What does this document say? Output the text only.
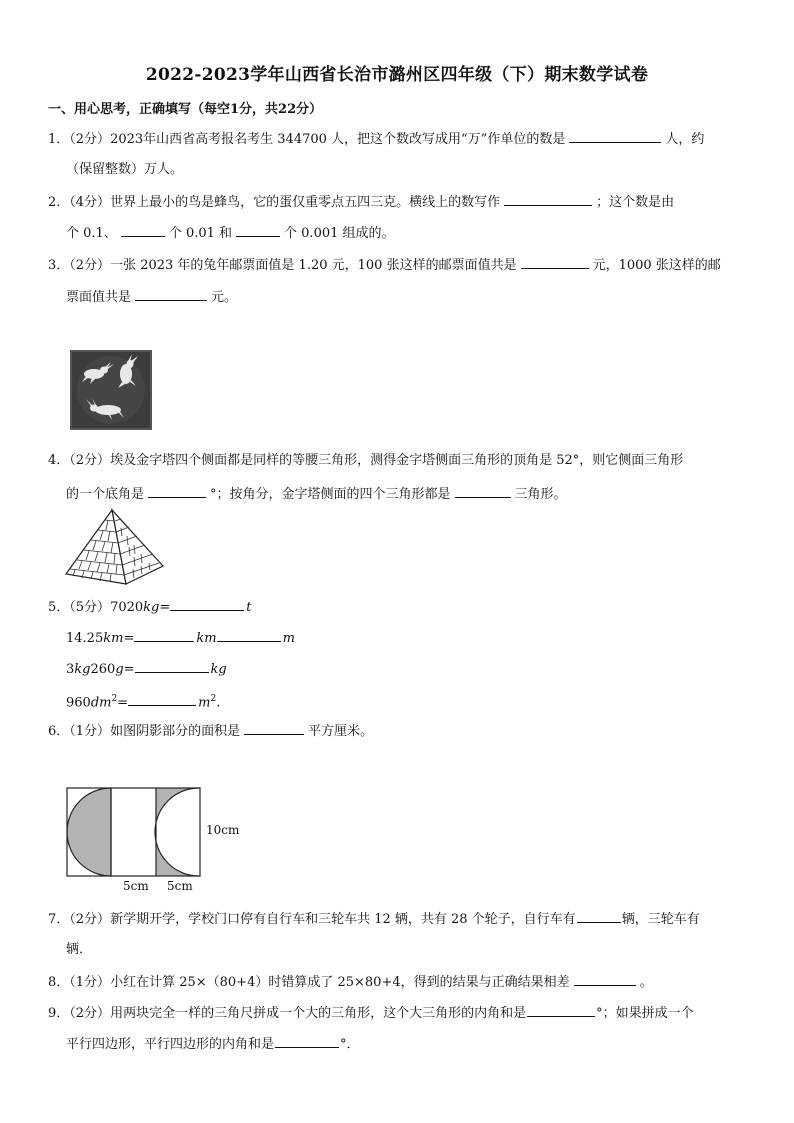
2022-2023学年山西省长治市潞州区四年级（下）期末数学试卷
一、用心思考，正确填写（每空1分，共22分）
1．（2分）2023年山西省高考报名考生 344700 人，把这个数改写成用“万”作单位的数是	人，约
（保留整数）万人。
2．（4分）世界上最小的鸟是蜂鸟，它的蛋仅重零点五四三克。横线上的数写作	；这个数是由
个 0.1、	个 0.01 和	个 0.001 组成的。
3．（2分）一张 2023 年的兔年邮票面值是 1.20 元，100 张这样的邮票面值共是	元，1000 张这样的邮
票面值共是	元。
4．（2分）埃及金字塔四个侧面都是同样的等腰三角形，测得金字塔侧面三角形的顶角是 52°，则它侧面三角形
的一个底角是	°；按角分，金字塔侧面的四个三角形都是	三角形。
5．（5分）7020kg=	t
14.25km=	km	m
3kg260g=	kg
$960dm^2=$	$m^2$.
6．（1分）如图阴影部分的面积是	平方厘米。
10cm
5cm 5cm
7．（2分）新学期开学，学校门口停有自行车和三轮车共 12 辆，共有 28 个轮子，自行车有	辆，三轮车有
辆．
8．（1分）小红在计算 25×（80+4）时错算成了 25×80+4，得到的结果与正确结果相差	。
9．（2分）用两块完全一样的三角尺拼成一个大的三角形，这个大三角形的内角和是	°；如果拼成一个
平行四边形，平行四边形的内角和是	°．
